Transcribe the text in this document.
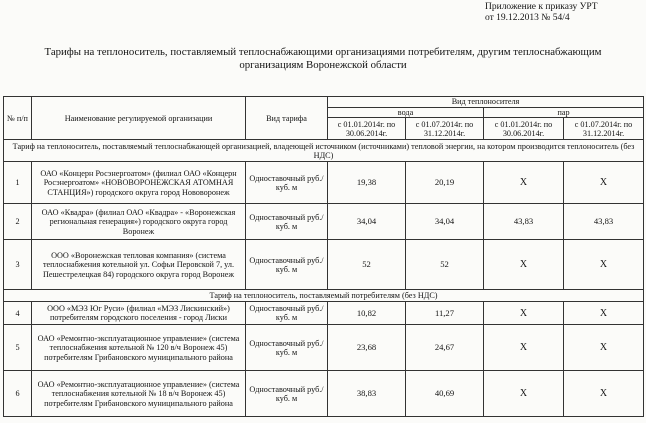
Приложение к приказу УРТ
от 19.12.2013 № 54/4
Тарифы на теплоноситель, поставляемый теплоснабжающими организациями потребителям, другим теплоснабжающим
организациям Воронежской области
№ п/п	Наименование регулируемой организации	Вид тарифа	Вид теплоносителя			
			вода		пар	
			с 01.01.2014г. по 30.06.2014г.	с 01.07.2014г. по 31.12.2014г.	с 01.01.2014г. по 30.06.2014г.	с 01.07.2014г. по 31.12.2014г.
Тариф на теплоноситель, поставляемый теплоснабжающей организацией, владеющей источником (источниками) тепловой энергии, на котором производится теплоноситель (без НДС)						
1	ОАО «Концерн Росэнергоатом» (филиал ОАО «Концерн Росэнергоатом» «НОВОВОРОНЕЖСКАЯ АТОМНАЯ СТАНЦИЯ») городского округа город Нововоронеж	Одноставочный руб./куб. м	19,38	20,19	X	X
2	ОАО «Квадра» (филиал ОАО «Квадра» - «Воронежская региональная генерация») городского округа город Воронеж	Одноставочный руб./куб. м	34,04	34,04	43,83	43,83
3	ООО «Воронежская тепловая компания» (система теплоснабжения котельной ул. Софьи Перовской 7, ул. Пешестрелецкая 84) городского округа город Воронеж	Одноставочный руб./куб. м	52	52	X	X
Тариф на теплоноситель, поставляемый потребителям (без НДС)						
4	ООО «МЭЗ Юг Руси» (филиал «МЭЗ Лискинский») потребителям городского поселения - город Лиски	Одноставочный руб./куб. м	10,82	11,27	X	X
5	ОАО «Ремонтно-эксплуатационное управление» (система теплоснабжения котельной № 120 в/ч Воронеж 45) потребителям Грибановского муниципального района	Одноставочный руб./куб. м	23,68	24,67	X	X
6	ОАО «Ремонтно-эксплуатационное управление» (система теплоснабжения котельной № 18 в/ч Воронеж 45) потребителям Грибановского муниципального района	Одноставочный руб./куб. м	38,83	40,69	X	X
